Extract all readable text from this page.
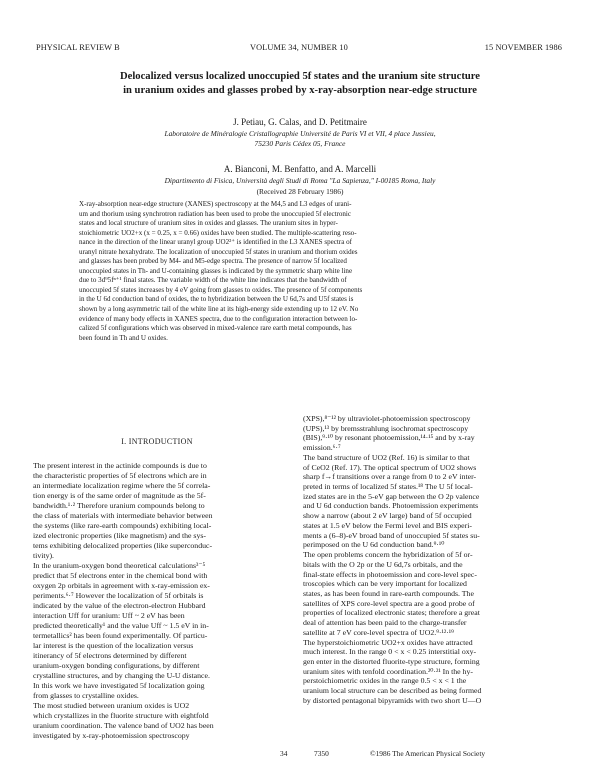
PHYSICAL REVIEW B	VOLUME 34, NUMBER 10	15 NOVEMBER 1986
Delocalized versus localized unoccupied 5f states and the uranium site structure
in uranium oxides and glasses probed by x-ray-absorption near-edge structure
J. Petiau, G. Calas, and D. Petitmaire
Laboratoire de Minéralogie Cristallographie Université de Paris VI et VII, 4 place Jussieu,
75230 Paris Cédex 05, France
A. Bianconi, M. Benfatto, and A. Marcelli
Dipartimento di Fisica, Università degli Studi di Roma "La Sapienza," I-00185 Roma, Italy
(Received 28 February 1986)
X-ray-absorption near-edge structure (XANES) spectroscopy at the M4,5 and L3 edges of urani-
um and thorium using synchrotron radiation has been used to probe the unoccupied 5f electronic
states and local structure of uranium sites in oxides and glasses. The uranium sites in hyper-
stoichiometric UO2+x (x = 0.25, x = 0.66) oxides have been studied. The multiple-scattering reso-
nance in the direction of the linear uranyl group UO2²⁺ is identified in the L3 XANES spectra of
uranyl nitrate hexahydrate. The localization of unoccupied 5f states in uranium and thorium oxides
and glasses has been probed by M4- and M5-edge spectra. The presence of narrow 5f localized
unoccupied states in Th- and U-containing glasses is indicated by the symmetric sharp white line
due to 3d⁹5fⁿ⁺¹ final states. The variable width of the white line indicates that the bandwidth of
unoccupied 5f states increases by 4 eV going from glasses to oxides. The presence of 5f components
in the U 6d conduction band of oxides, the to hybridization between the U 6d,7s and U5f states is
shown by a long asymmetric tail of the white line at its high-energy side extending up to 12 eV. No
evidence of many body effects in XANES spectra, due to the configuration interaction between lo-
calized 5f configurations which was observed in mixed-valence rare earth metal compounds, has
been found in Th and U oxides.
I. INTRODUCTION
The present interest in the actinide compounds is due to
the characteristic properties of 5f electrons which are in
an intermediate localization regime where the 5f correla-
tion energy is of the same order of magnitude as the 5f-
bandwidth.¹·² Therefore uranium compounds belong to
the class of materials with intermediate behavior between
the systems (like rare-earth compounds) exhibiting local-
ized electronic properties (like magnetism) and the sys-
tems exhibiting delocalized properties (like superconduc-
tivity).
In the uranium-oxygen bond theoretical calculations³⁻⁵
predict that 5f electrons enter in the chemical bond with
oxygen 2p orbitals in agreement with x-ray-emission ex-
periments.⁶·⁷ However the localization of 5f orbitals is
indicated by the value of the electron-electron Hubbard
interaction Uff for uranium: Uff ~ 2 eV has been
predicted theoretically¹ and the value Uff ~ 1.5 eV in in-
termetallics² has been found experimentally. Of particu-
lar interest is the question of the localization versus
itinerancy of 5f electrons determined by different
uranium-oxygen bonding configurations, by different
crystalline structures, and by changing the U-U distance.
In this work we have investigated 5f localization going
from glasses to crystalline oxides.
The most studied between uranium oxides is UO2
which crystallizes in the fluorite structure with eightfold
uranium coordination. The valence band of UO2 has been
investigated by x-ray-photoemission spectroscopy
(XPS),⁸⁻¹² by ultraviolet-photoemission spectroscopy
(UPS),¹³ by bremsstrahlung isochromat spectroscopy
(BIS),⁹·¹⁰ by resonant photoemission,¹⁴·¹⁵ and by x-ray
emission.⁶·⁷
The band structure of UO2 (Ref. 16) is similar to that
of CeO2 (Ref. 17). The optical spectrum of UO2 shows
sharp f→f transitions over a range from 0 to 2 eV inter-
preted in terms of localized 5f states.¹⁸ The U 5f local-
ized states are in the 5-eV gap between the O 2p valence
and U 6d conduction bands. Photoemission experiments
show a narrow (about 2 eV large) band of 5f occupied
states at 1.5 eV below the Fermi level and BIS experi-
ments a (6–8)-eV broad band of unoccupied 5f states su-
perimposed on the U 6d conduction band.⁹·¹⁰
The open problems concern the hybridization of 5f or-
bitals with the O 2p or the U 6d,7s orbitals, and the
final-state effects in photoemission and core-level spec-
troscopies which can be very important for localized
states, as has been found in rare-earth compounds. The
satellites of XPS core-level spectra are a good probe of
properties of localized electronic states; therefore a great
deal of attention has been paid to the charge-transfer
satellite at 7 eV core-level spectra of UO2.⁹·¹²·¹⁹
The hyperstoichiometric UO2+x oxides have attracted
much interest. In the range 0 < x < 0.25 interstitial oxy-
gen enter in the distorted fluorite-type structure, forming
uranium sites with tenfold coordination.²⁰·²¹ In the hy-
perstoichiometric oxides in the range 0.5 < x < 1 the
uranium local structure can be described as being formed
by distorted pentagonal bipyramids with two short U—O
34	7350	©1986 The American Physical Society
